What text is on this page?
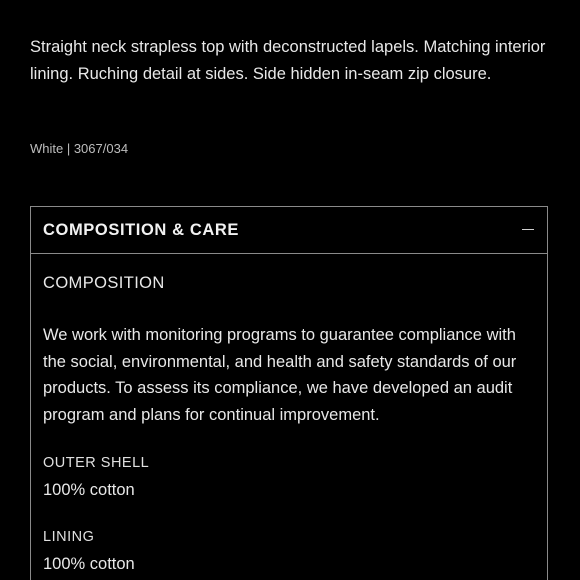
Straight neck strapless top with deconstructed lapels. Matching interior lining. Ruching detail at sides. Side hidden in-seam zip closure.

White | 3067/034

COMPOSITION & CARE

COMPOSITION

We work with monitoring programs to guarantee compliance with the social, environmental, and health and safety standards of our products. To assess its compliance, we have developed an audit program and plans for continual improvement.

OUTER SHELL

100% cotton

LINING

100% cotton
